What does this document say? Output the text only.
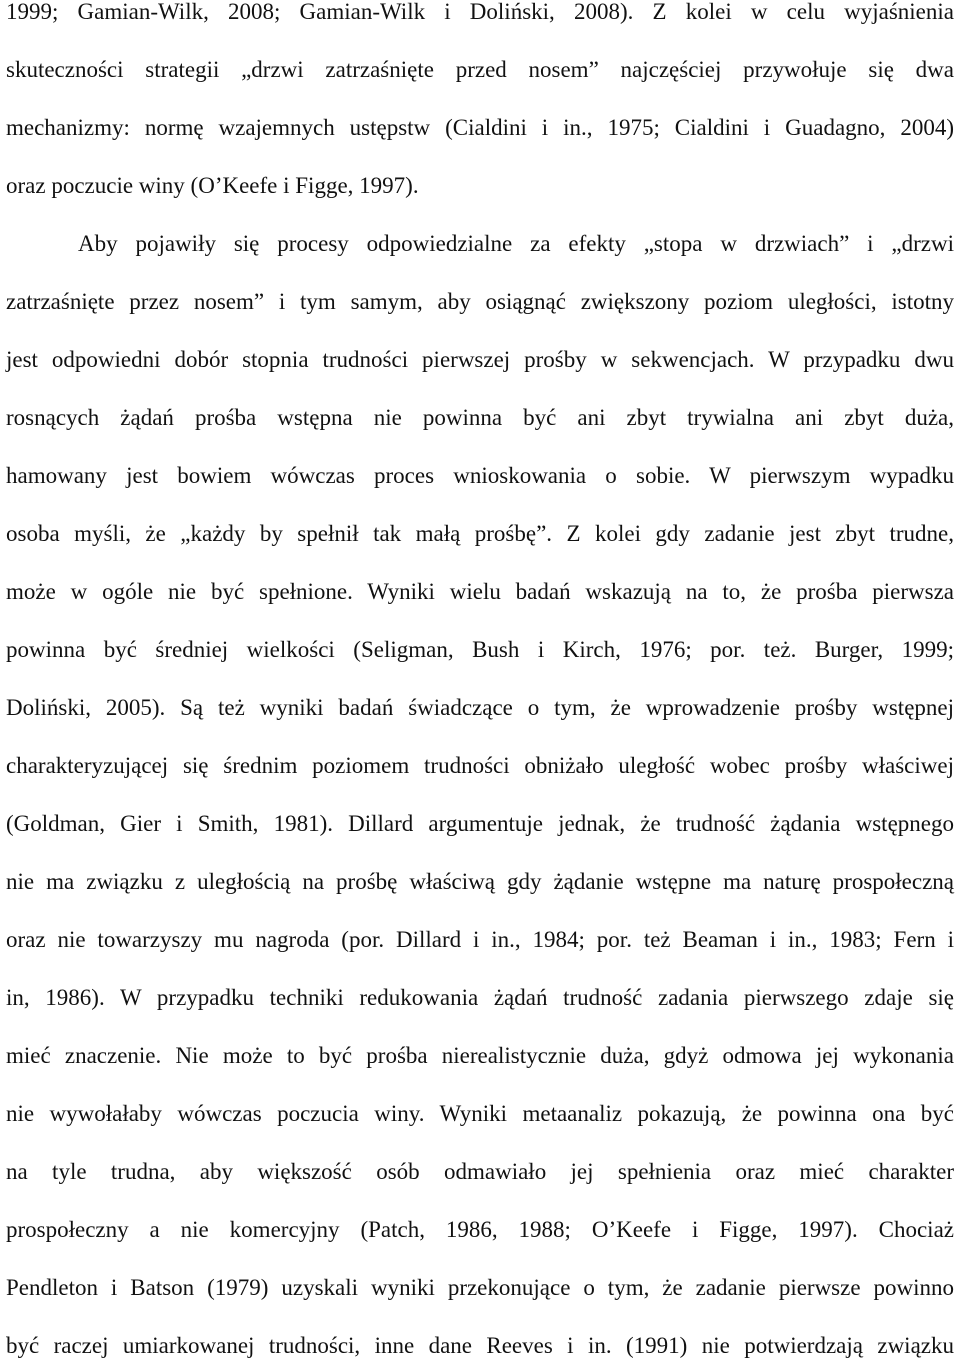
1999; Gamian-Wilk, 2008; Gamian-Wilk i Doliński, 2008). Z kolei w celu wyjaśnienia
skuteczności strategii „drzwi zatrzaśnięte przed nosem” najczęściej przywołuje się dwa
mechanizmy: normę wzajemnych ustępstw (Cialdini i in., 1975; Cialdini i Guadagno, 2004)
oraz poczucie winy (O’Keefe i Figge, 1997).
Aby pojawiły się procesy odpowiedzialne za efekty „stopa w drzwiach” i „drzwi
zatrzaśnięte przez nosem” i tym samym, aby osiągnąć zwiększony poziom uległości, istotny
jest odpowiedni dobór stopnia trudności pierwszej prośby w sekwencjach. W przypadku dwu
rosnących żądań prośba wstępna nie powinna być ani zbyt trywialna ani zbyt duża,
hamowany jest bowiem wówczas proces wnioskowania o sobie. W pierwszym wypadku
osoba myśli, że „każdy by spełnił tak małą prośbę”. Z kolei gdy zadanie jest zbyt trudne,
może w ogóle nie być spełnione. Wyniki wielu badań wskazują na to, że prośba pierwsza
powinna być średniej wielkości (Seligman, Bush i Kirch, 1976; por. też. Burger, 1999;
Doliński, 2005). Są też wyniki badań świadczące o tym, że wprowadzenie prośby wstępnej
charakteryzującej się średnim poziomem trudności obniżało uległość wobec prośby właściwej
(Goldman, Gier i Smith, 1981). Dillard argumentuje jednak, że trudność żądania wstępnego
nie ma związku z uległością na prośbę właściwą gdy żądanie wstępne ma naturę prospołeczną
oraz nie towarzyszy mu nagroda (por. Dillard i in., 1984; por. też Beaman i in., 1983; Fern i
in, 1986). W przypadku techniki redukowania żądań trudność zadania pierwszego zdaje się
mieć znaczenie. Nie może to być prośba nierealistycznie duża, gdyż odmowa jej wykonania
nie wywołałaby wówczas poczucia winy. Wyniki metaanaliz pokazują, że powinna ona być
na tyle trudna, aby większość osób odmawiało jej spełnienia oraz mieć charakter
prospołeczny a nie komercyjny (Patch, 1986, 1988; O’Keefe i Figge, 1997). Chociaż
Pendleton i Batson (1979) uzyskali wyniki przekonujące o tym, że zadanie pierwsze powinno
być raczej umiarkowanej trudności, inne dane Reeves i in. (1991) nie potwierdzają związku
